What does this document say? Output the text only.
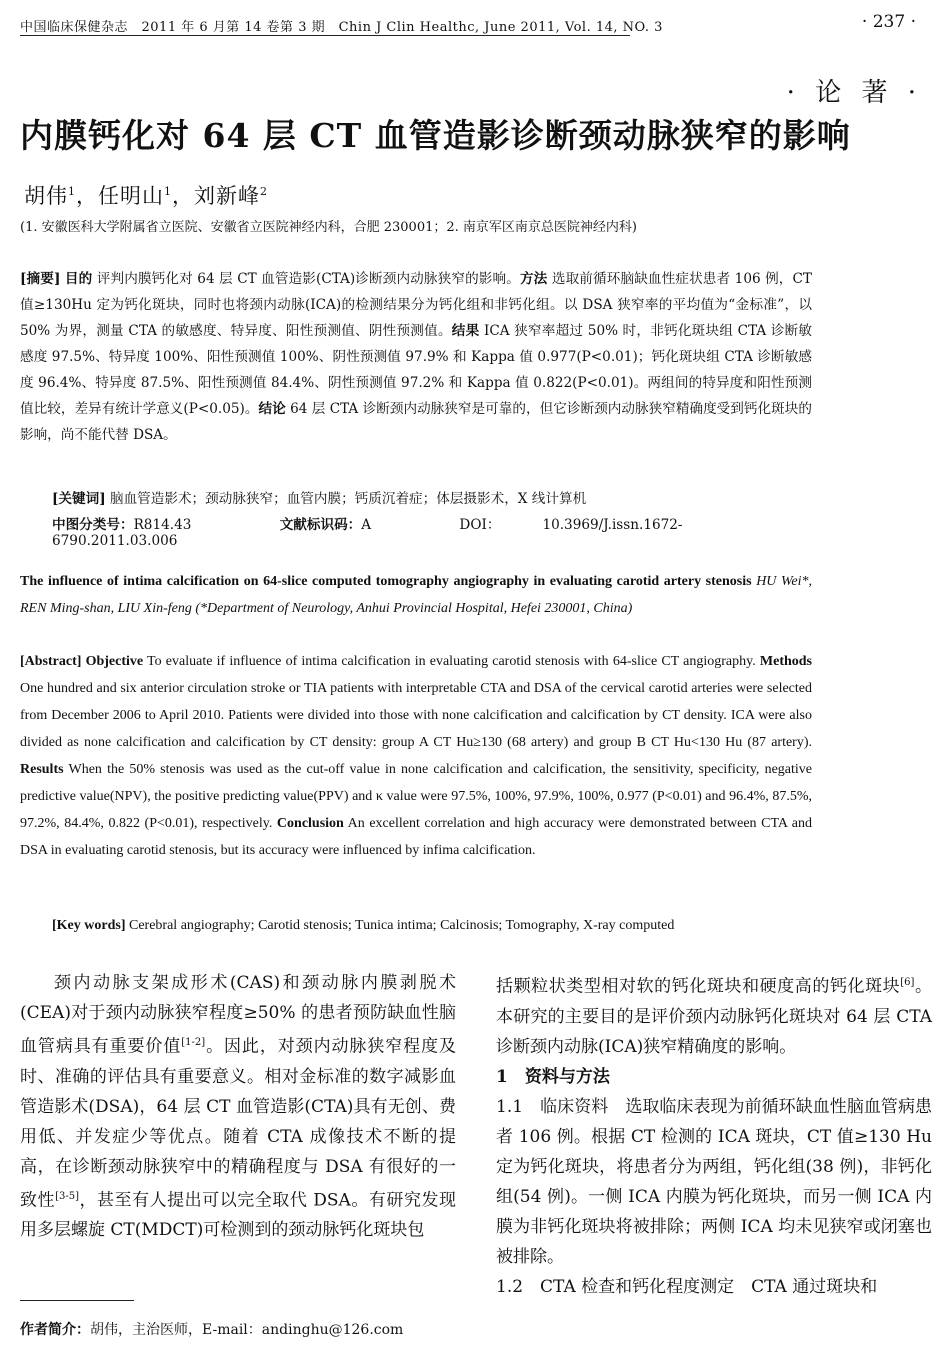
中国临床保健杂志　2011 年 6 月第 14 卷第 3 期　Chin J Clin Healthc, June 2011, Vol. 14, NO. 3	· 237 ·
· 论 著 ·
内膜钙化对 64 层 CT 血管造影诊断颈动脉狭窄的影响
胡伟$^1$，任明山$^1$，刘新峰$^2$
(1. 安徽医科大学附属省立医院、安徽省立医院神经内科，合肥 230001；2. 南京军区南京总医院神经内科)
[摘要] 目的 评判内膜钙化对 64 层 CT 血管造影(CTA)诊断颈内动脉狭窄的影响。方法 选取前循环脑缺血性症状患者 106 例，CT 值≥130Hu 定为钙化斑块，同时也将颈内动脉(ICA)的检测结果分为钙化组和非钙化组。以 DSA 狭窄率的平均值为“金标准”，以 50% 为界，测量 CTA 的敏感度、特异度、阳性预测值、阴性预测值。结果 ICA 狭窄率超过 50% 时，非钙化斑块组 CTA 诊断敏感度 97.5%、特异度 100%、阳性预测值 100%、阴性预测值 97.9% 和 Kappa 值 0.977(P<0.01)；钙化斑块组 CTA 诊断敏感度 96.4%、特异度 87.5%、阳性预测值 84.4%、阴性预测值 97.2% 和 Kappa 值 0.822(P<0.01)。两组间的特异度和阳性预测值比较，差异有统计学意义(P<0.05)。结论 64 层 CTA 诊断颈内动脉狭窄是可靠的，但它诊断颈内动脉狭窄精确度受到钙化斑块的影响，尚不能代替 DSA。
[关键词] 脑血管造影术；颈动脉狭窄；血管内膜；钙质沉着症；体层摄影术，X 线计算机
中图分类号：R814.43	文献标识码：A	DOI：	10.3969/J.issn.1672-6790.2011.03.006
The influence of intima calcification on 64-slice computed tomography angiography in evaluating carotid artery stenosis HU Wei*, REN Ming-shan, LIU Xin-feng (*Department of Neurology, Anhui Provincial Hospital, Hefei 230001, China)
[Abstract] Objective To evaluate if influence of intima calcification in evaluating carotid stenosis with 64-slice CT angiography. Methods One hundred and six anterior circulation stroke or TIA patients with interpretable CTA and DSA of the cervical carotid arteries were selected from December 2006 to April 2010. Patients were divided into those with none calcification and calcification by CT density. ICA were also divided as none calcification and calcification by CT density: group A CT Hu≥130 (68 artery) and group B CT Hu<130 Hu (87 artery). Results When the 50% stenosis was used as the cut-off value in none calcification and calcification, the sensitivity, specificity, negative predictive value(NPV), the positive predicting value(PPV) and κ value were 97.5%, 100%, 97.9%, 100%, 0.977 (P<0.01) and 96.4%, 87.5%, 97.2%, 84.4%, 0.822 (P<0.01), respectively. Conclusion An excellent correlation and high accuracy were demonstrated between CTA and DSA in evaluating carotid stenosis, but its accuracy were influenced by infima calcification.
[Key words] Cerebral angiography; Carotid stenosis; Tunica intima; Calcinosis; Tomography, X-ray computed

颈内动脉支架成形术(CAS)和颈动脉内膜剥脱术(CEA)对于颈内动脉狭窄程度≥50% 的患者预防缺血性脑血管病具有重要价值[1-2]。因此，对颈内动脉狭窄程度及时、准确的评估具有重要意义。相对金标准的数字减影血管造影术(DSA)，64 层 CT 血管造影(CTA)具有无创、费用低、并发症少等优点。随着 CTA 成像技术不断的提高，在诊断颈动脉狭窄中的精确程度与 DSA 有很好的一致性[3-5]，甚至有人提出可以完全取代 DSA。有研究发现用多层螺旋 CT(MDCT)可检测到的颈动脉钙化斑块包

括颗粒状类型相对软的钙化斑块和硬度高的钙化斑块[6]。本研究的主要目的是评价颈内动脉钙化斑块对 64 层 CTA 诊断颈内动脉(ICA)狭窄精确度的影响。

1　资料与方法

1.1　临床资料　选取临床表现为前循环缺血性脑血管病患者 106 例。根据 CT 检测的 ICA 斑块，CT 值≥130 Hu 定为钙化斑块，将患者分为两组，钙化组(38 例)，非钙化组(54 例)。一侧 ICA 内膜为钙化斑块，而另一侧 ICA 内膜为非钙化斑块将被排除；两侧 ICA 均未见狭窄或闭塞也被排除。

1.2　CTA 检查和钙化程度测定　CTA 通过斑块和

作者简介：胡伟，主治医师，E-mail：andinghu@126.com
